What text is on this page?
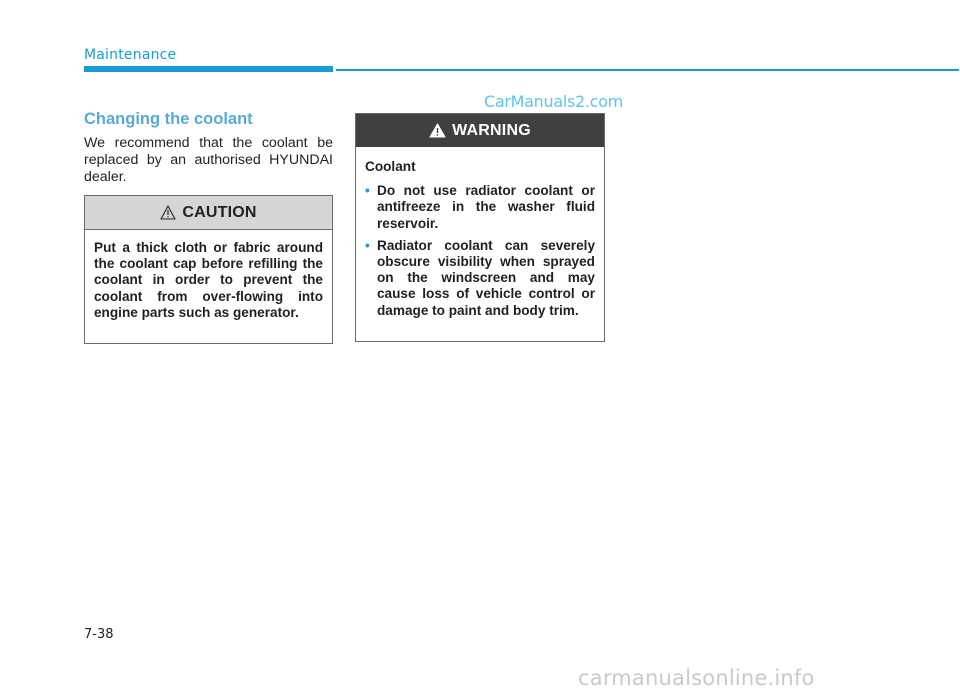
Maintenance
CarManuals2.com
Changing the coolant

We recommend that the coolant be replaced by an authorised HYUNDAI dealer.

CAUTION
Put a thick cloth or fabric around the coolant cap before refilling the coolant in order to prevent the coolant from over-flowing into engine parts such as generator.
WARNING
Coolant
• Do not use radiator coolant or antifreeze in the washer fluid reservoir.
• Radiator coolant can severely obscure visibility when sprayed on the windscreen and may cause loss of vehicle control or damage to paint and body trim.
7-38
carmanualsonline.info
